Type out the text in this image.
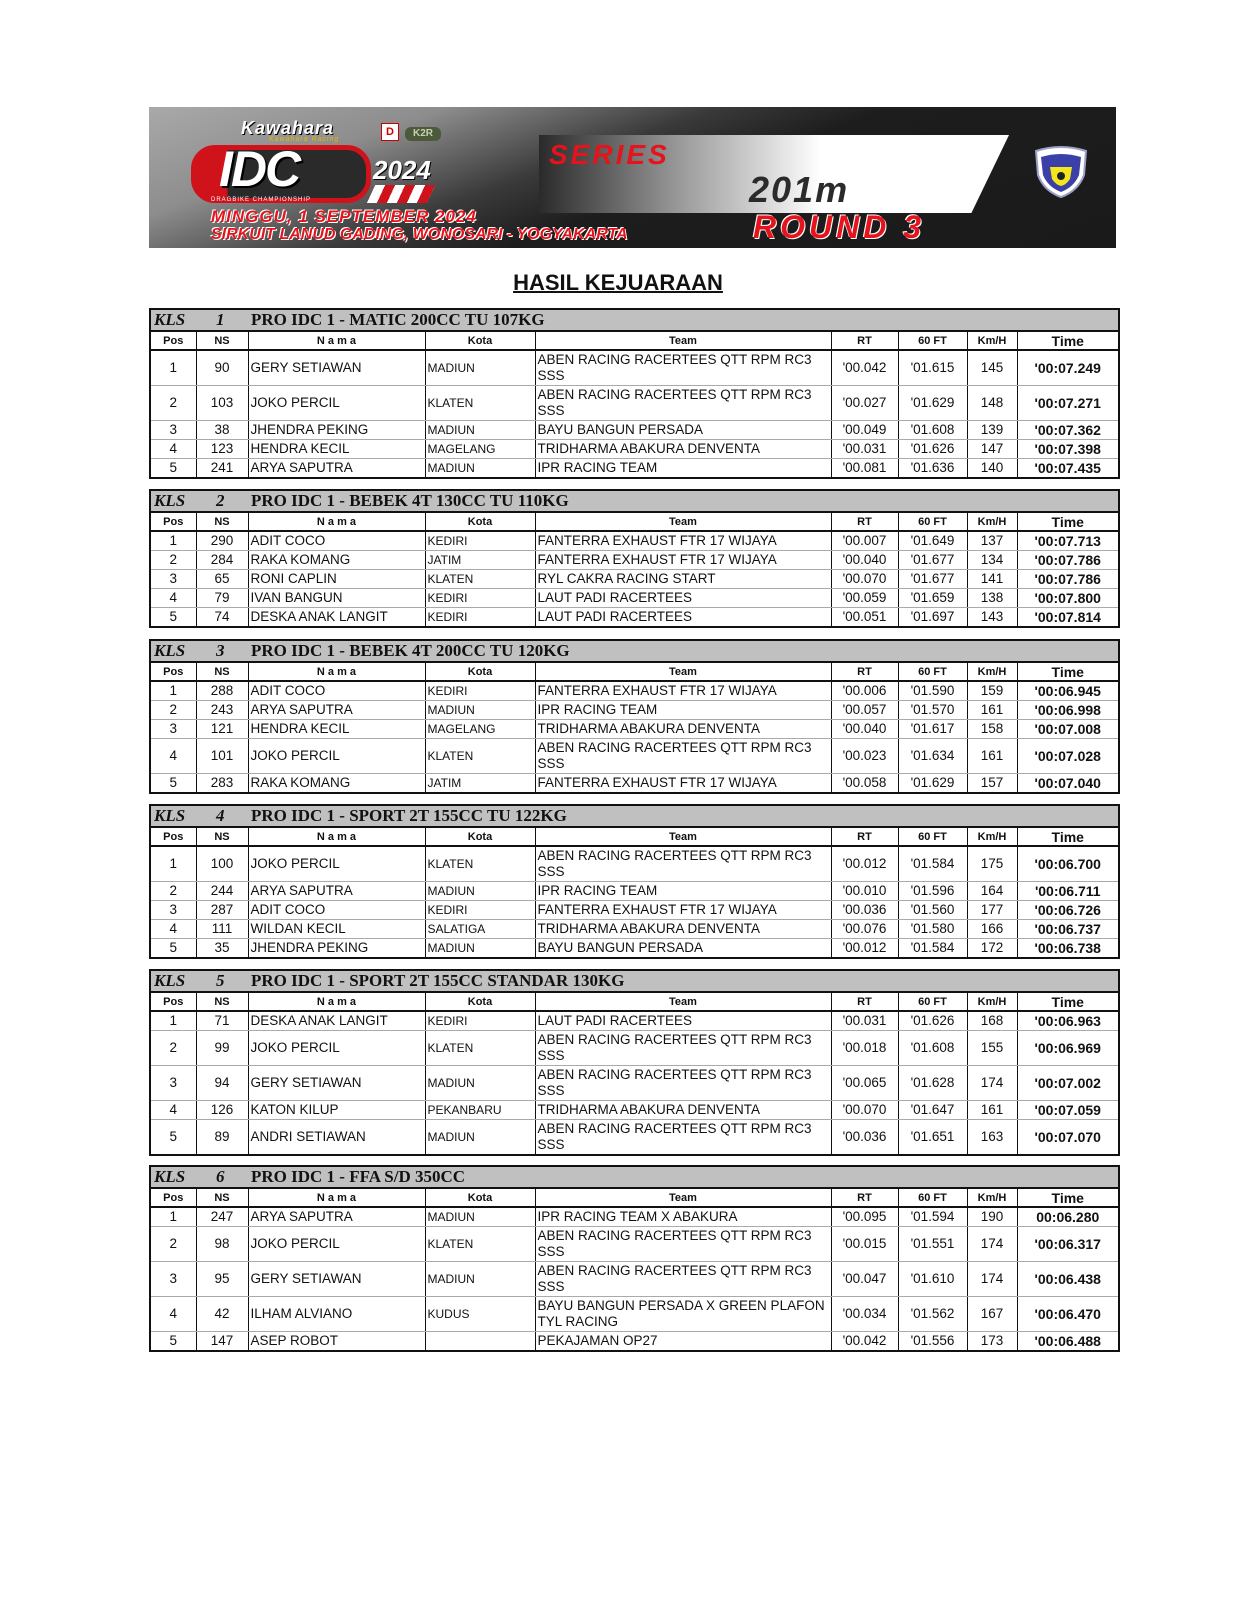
Kawahara
Kawahara Racing
D	K2R
IDC	2024
DRAGBIKE CHAMPIONSHIP
SERIES
201m
MINGGU, 1 SEPTEMBER 2024
SIRKUIT LANUD GADING, WONOSARI - YOGYAKARTA	ROUND 3
HASIL KEJUARAAN
KLS 1 PRO IDC 1 - MATIC 200CC TU 107KG
Pos	NS	N a m a	Kota	Team	RT	60 FT	Km/H	Time
1	90	GERY SETIAWAN	MADIUN	ABEN RACING RACERTEES QTT RPM RC3 SSS	'00.042	'01.615	145	'00:07.249
2	103	JOKO PERCIL	KLATEN	ABEN RACING RACERTEES QTT RPM RC3 SSS	'00.027	'01.629	148	'00:07.271
3	38	JHENDRA PEKING	MADIUN	BAYU BANGUN PERSADA	'00.049	'01.608	139	'00:07.362
4	123	HENDRA KECIL	MAGELANG	TRIDHARMA ABAKURA DENVENTA	'00.031	'01.626	147	'00:07.398
5	241	ARYA SAPUTRA	MADIUN	IPR RACING TEAM	'00.081	'01.636	140	'00:07.435
KLS 2 PRO IDC 1 - BEBEK 4T 130CC TU 110KG
Pos	NS	N a m a	Kota	Team	RT	60 FT	Km/H	Time
1	290	ADIT COCO	KEDIRI	FANTERRA EXHAUST FTR 17 WIJAYA	'00.007	'01.649	137	'00:07.713
2	284	RAKA KOMANG	JATIM	FANTERRA EXHAUST FTR 17 WIJAYA	'00.040	'01.677	134	'00:07.786
3	65	RONI CAPLIN	KLATEN	RYL CAKRA RACING START	'00.070	'01.677	141	'00:07.786
4	79	IVAN BANGUN	KEDIRI	LAUT PADI RACERTEES	'00.059	'01.659	138	'00:07.800
5	74	DESKA ANAK LANGIT	KEDIRI	LAUT PADI RACERTEES	'00.051	'01.697	143	'00:07.814
KLS 3 PRO IDC 1 - BEBEK 4T 200CC TU 120KG
Pos	NS	N a m a	Kota	Team	RT	60 FT	Km/H	Time
1	288	ADIT COCO	KEDIRI	FANTERRA EXHAUST FTR 17 WIJAYA	'00.006	'01.590	159	'00:06.945
2	243	ARYA SAPUTRA	MADIUN	IPR RACING TEAM	'00.057	'01.570	161	'00:06.998
3	121	HENDRA KECIL	MAGELANG	TRIDHARMA ABAKURA DENVENTA	'00.040	'01.617	158	'00:07.008
4	101	JOKO PERCIL	KLATEN	ABEN RACING RACERTEES QTT RPM RC3 SSS	'00.023	'01.634	161	'00:07.028
5	283	RAKA KOMANG	JATIM	FANTERRA EXHAUST FTR 17 WIJAYA	'00.058	'01.629	157	'00:07.040
KLS 4 PRO IDC 1 - SPORT 2T 155CC TU 122KG
Pos	NS	N a m a	Kota	Team	RT	60 FT	Km/H	Time
1	100	JOKO PERCIL	KLATEN	ABEN RACING RACERTEES QTT RPM RC3 SSS	'00.012	'01.584	175	'00:06.700
2	244	ARYA SAPUTRA	MADIUN	IPR RACING TEAM	'00.010	'01.596	164	'00:06.711
3	287	ADIT COCO	KEDIRI	FANTERRA EXHAUST FTR 17 WIJAYA	'00.036	'01.560	177	'00:06.726
4	111	WILDAN KECIL	SALATIGA	TRIDHARMA ABAKURA DENVENTA	'00.076	'01.580	166	'00:06.737
5	35	JHENDRA PEKING	MADIUN	BAYU BANGUN PERSADA	'00.012	'01.584	172	'00:06.738
KLS 5 PRO IDC 1 - SPORT 2T 155CC STANDAR 130KG
Pos	NS	N a m a	Kota	Team	RT	60 FT	Km/H	Time
1	71	DESKA ANAK LANGIT	KEDIRI	LAUT PADI RACERTEES	'00.031	'01.626	168	'00:06.963
2	99	JOKO PERCIL	KLATEN	ABEN RACING RACERTEES QTT RPM RC3 SSS	'00.018	'01.608	155	'00:06.969
3	94	GERY SETIAWAN	MADIUN	ABEN RACING RACERTEES QTT RPM RC3 SSS	'00.065	'01.628	174	'00:07.002
4	126	KATON KILUP	PEKANBARU	TRIDHARMA ABAKURA DENVENTA	'00.070	'01.647	161	'00:07.059
5	89	ANDRI SETIAWAN	MADIUN	ABEN RACING RACERTEES QTT RPM RC3 SSS	'00.036	'01.651	163	'00:07.070
KLS 6 PRO IDC 1 - FFA S/D 350CC
Pos	NS	N a m a	Kota	Team	RT	60 FT	Km/H	Time
1	247	ARYA SAPUTRA	MADIUN	IPR RACING TEAM X ABAKURA	'00.095	'01.594	190	00:06.280
2	98	JOKO PERCIL	KLATEN	ABEN RACING RACERTEES QTT RPM RC3 SSS	'00.015	'01.551	174	'00:06.317
3	95	GERY SETIAWAN	MADIUN	ABEN RACING RACERTEES QTT RPM RC3 SSS	'00.047	'01.610	174	'00:06.438
4	42	ILHAM ALVIANO	KUDUS	BAYU BANGUN PERSADA X GREEN PLAFON TYL RACING	'00.034	'01.562	167	'00:06.470
5	147	ASEP ROBOT		PEKAJAMAN OP27	'00.042	'01.556	173	'00:06.488
